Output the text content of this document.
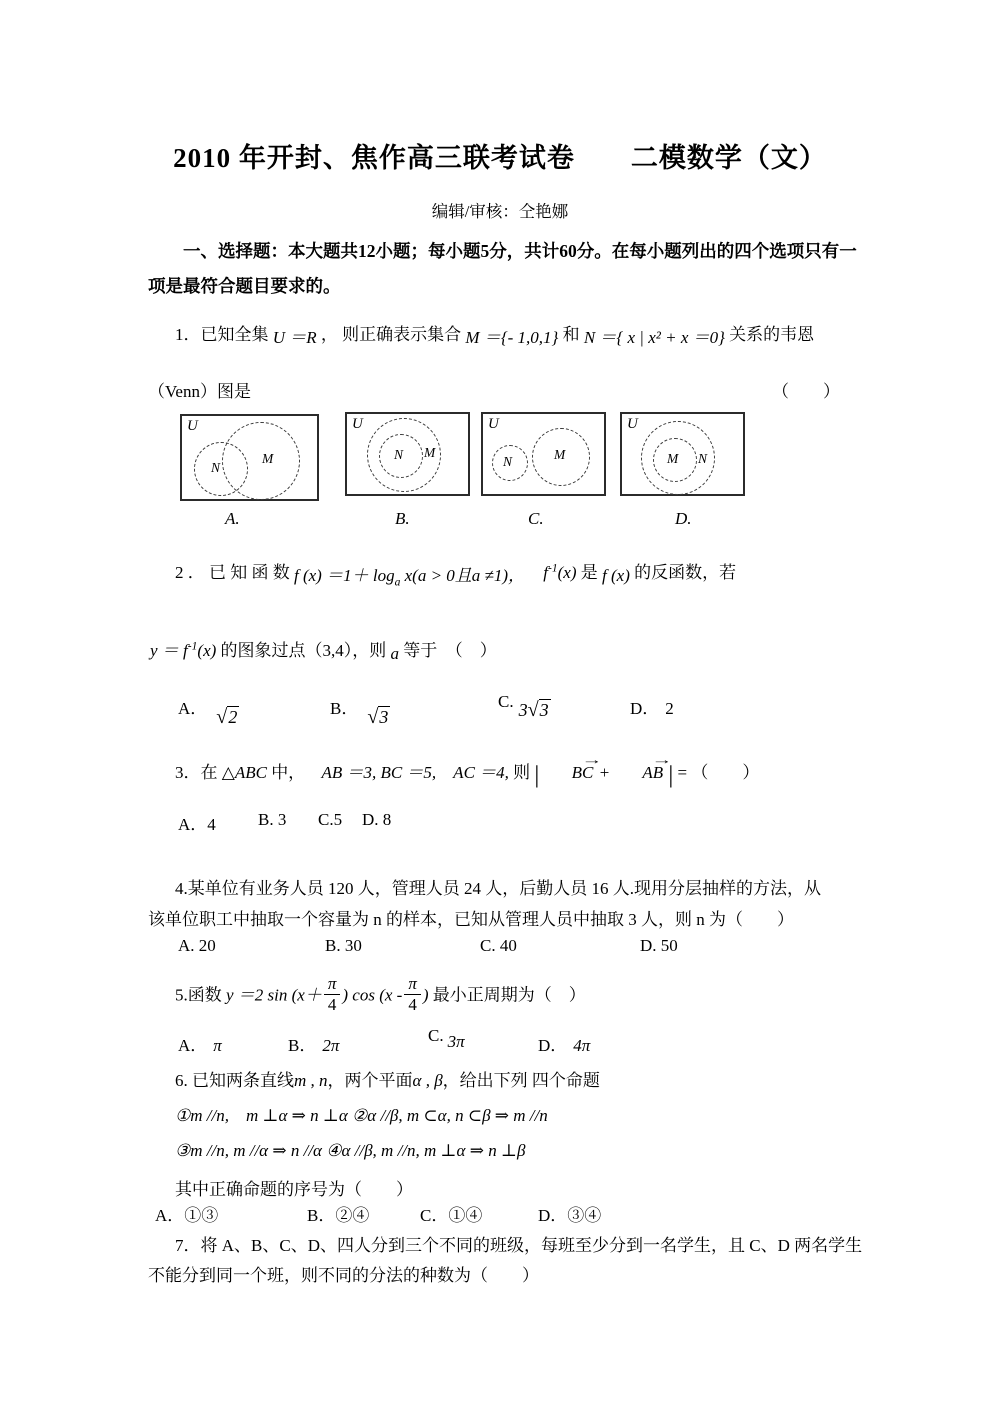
2010 年开封、焦作高三联考试卷　　二模数学（文）
编辑/审核：仝艳娜
一、选择题：本大题共12小题；每小题5分，共计60分。在每小题列出的四个选项只有一
项是最符合题目要求的。
1．已知全集 U ＝R ， 则正确表示集合 M ＝{- 1,0,1} 和 N ＝{ x | x² + x ＝0} 关系的韦恩
（Venn）图是	（　　）
U
N
M
U
N M
U
N	M
U
M N
A.	B.	C.	D.
2 ． 已 知 函 数 f $(x) =1+ \log_a x(a > 0$且a ≠1)， $f^{-1}(x)$ 是 f (x) 的反函数，若
$y = f^{-1}(x)$ 的图象过点（3,4），则 a 等于　（　）
A． √2	B． √3
C. 3√3	D． 2
3．在 △ABC 中， AB ＝3, BC ＝5,　AC ＝4, 则 |
→
BC +
→
AB | = （　　）
A．4 B. 3 C.5 D. 8
4.某单位有业务人员 120 人，管理人员 24 人，后勤人员 16 人.现用分层抽样的方法，从
该单位职工中抽取一个容量为 n 的样本，已知从管理人员中抽取 3 人，则 n 为（　　）
A. 20	B. 30	C. 40	D. 50
5.函数 y ＝2 $\sin (x+ \frac{\pi}{4}$ ) $\cos (x - \frac{\pi}{4}$ ) 最小正周期为（　）
A． π	B． 2π
C. 3π	D． 4π
6. 已知两条直线m , n，两个平面α , β，给出下列 四个命题
①m //n,　m ⊥α ⇒ n ⊥α ②α //β, m ⊂α, n ⊂β ⇒ m //n
③m //n, m //α ⇒ n //α ④α //β, m //n, m ⊥α ⇒ n ⊥β
其中正确命题的序号为（　　）
A．①③	B．②④	C．①④	D．③④
7．将 A、B、C、D、四人分到三个不同的班级，每班至少分到一名学生，且 C、D 两名学生
不能分到同一个班，则不同的分法的种数为（　　）
